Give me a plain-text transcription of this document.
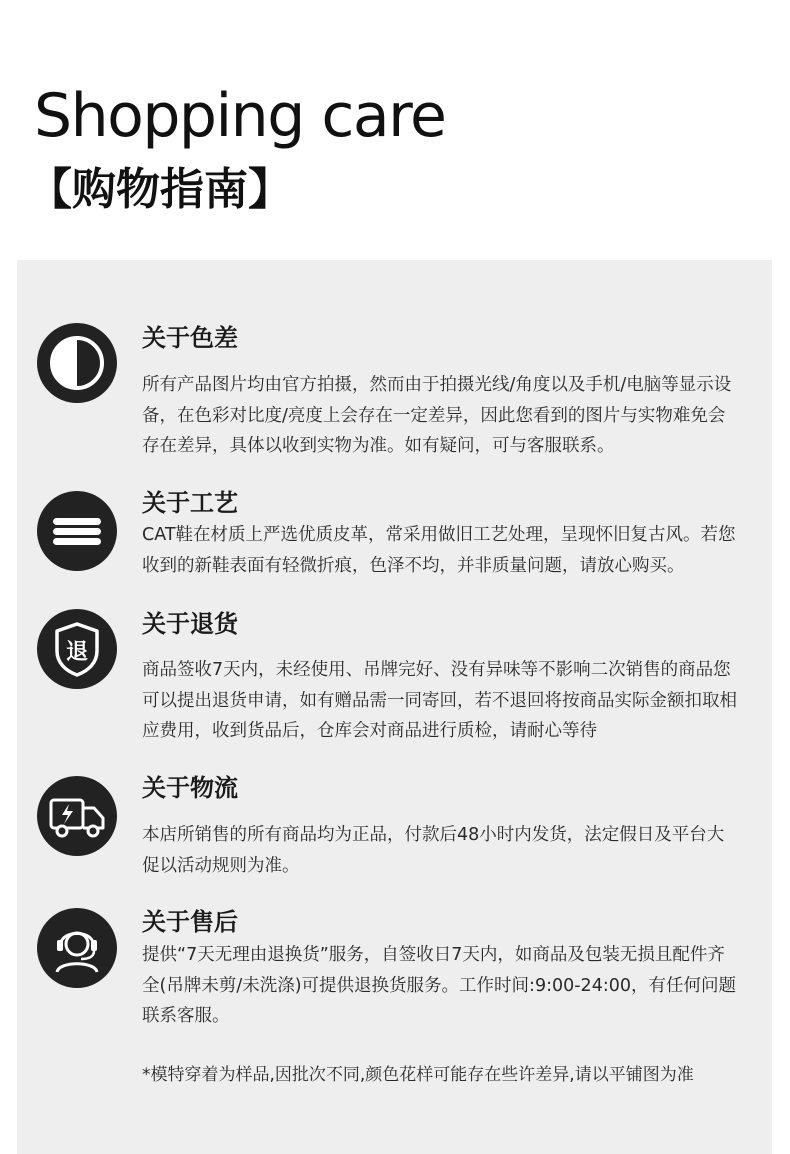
Shopping care
【购物指南】
关于色差
所有产品图片均由官方拍摄，然而由于拍摄光线/角度以及手机/电脑等显示设
备，在色彩对比度/亮度上会存在一定差异，因此您看到的图片与实物难免会
存在差异，具体以收到实物为准。如有疑问，可与客服联系。
关于工艺
CAT鞋在材质上严选优质皮革，常采用做旧工艺处理，呈现怀旧复古风。若您
收到的新鞋表面有轻微折痕，色泽不均，并非质量问题，请放心购买。
退
关于退货
商品签收7天内，未经使用、吊牌完好、没有异味等不影响二次销售的商品您
可以提出退货申请，如有赠品需一同寄回，若不退回将按商品实际金额扣取相
应费用，收到货品后，仓库会对商品进行质检，请耐心等待
关于物流
本店所销售的所有商品均为正品，付款后48小时内发货，法定假日及平台大
促以活动规则为准。
关于售后
提供“7天无理由退换货”服务，自签收日7天内，如商品及包装无损且配件齐
全(吊牌未剪/未洗涤)可提供退换货服务。工作时间:9:00-24:00，有任何问题
联系客服。
*模特穿着为样品,因批次不同,颜色花样可能存在些许差异,请以平铺图为准
